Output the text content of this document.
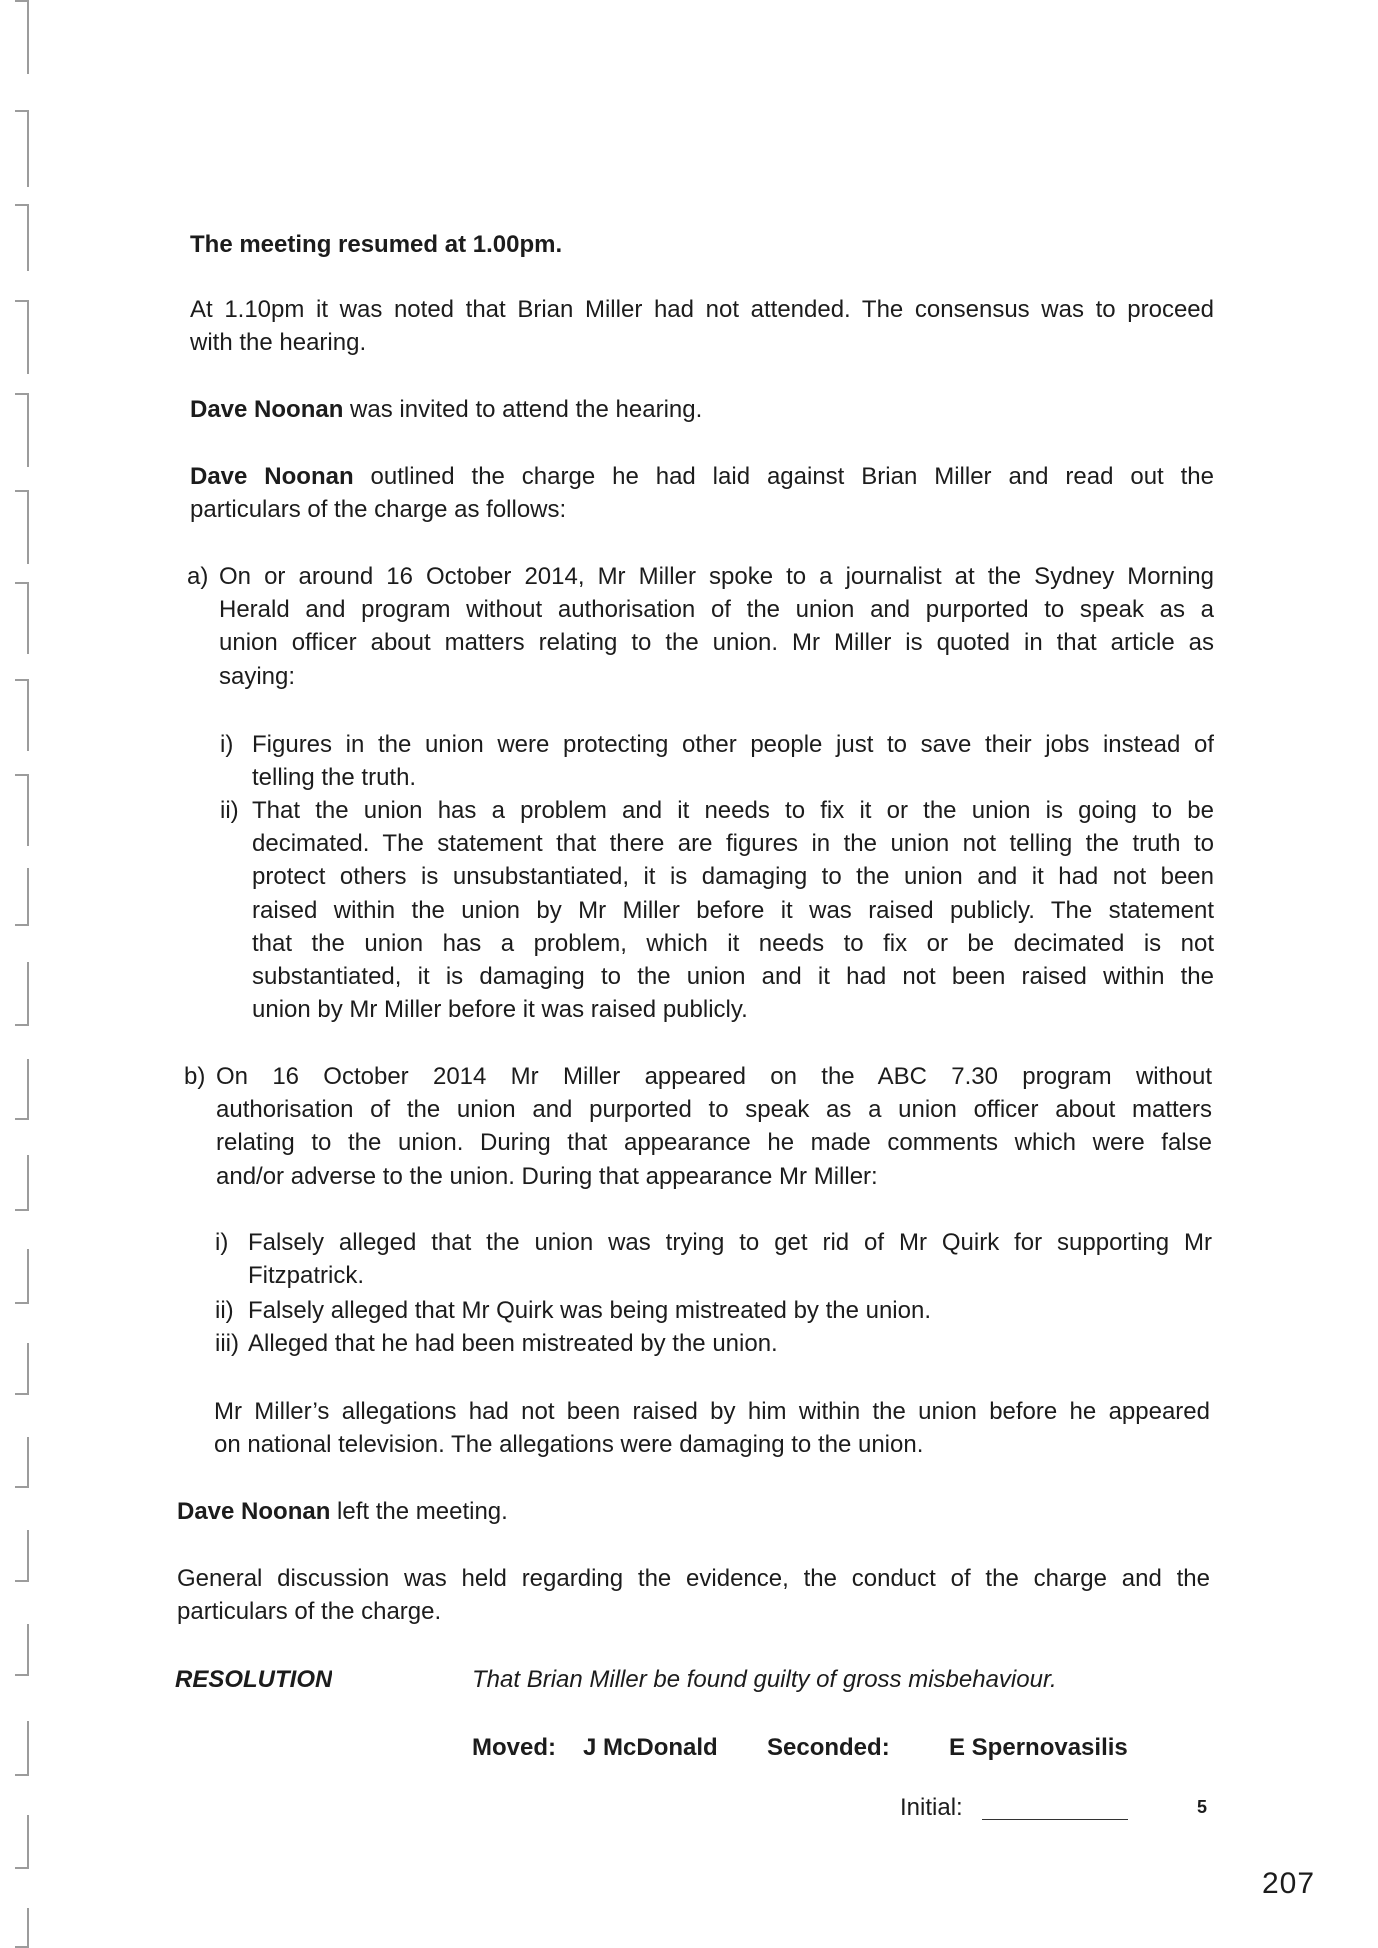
The meeting resumed at 1.00pm.
At 1.10pm it was noted that Brian Miller had not attended. The consensus was to proceed
with the hearing.
Dave Noonan was invited to attend the hearing.
Dave Noonan outlined the charge he had laid against Brian Miller and read out the
particulars of the charge as follows:
a) On or around 16 October 2014, Mr Miller spoke to a journalist at the Sydney Morning
Herald and program without authorisation of the union and purported to speak as a
union officer about matters relating to the union. Mr Miller is quoted in that article as
saying:
i) Figures in the union were protecting other people just to save their jobs instead of
telling the truth.
ii) That the union has a problem and it needs to fix it or the union is going to be
decimated. The statement that there are figures in the union not telling the truth to
protect others is unsubstantiated, it is damaging to the union and it had not been
raised within the union by Mr Miller before it was raised publicly. The statement
that the union has a problem, which it needs to fix or be decimated is not
substantiated, it is damaging to the union and it had not been raised within the
union by Mr Miller before it was raised publicly.
b) On 16 October 2014 Mr Miller appeared on the ABC 7.30 program without
authorisation of the union and purported to speak as a union officer about matters
relating to the union. During that appearance he made comments which were false
and/or adverse to the union. During that appearance Mr Miller:
i) Falsely alleged that the union was trying to get rid of Mr Quirk for supporting Mr
Fitzpatrick.
ii) Falsely alleged that Mr Quirk was being mistreated by the union.
iii) Alleged that he had been mistreated by the union.
Mr Miller’s allegations had not been raised by him within the union before he appeared
on national television. The allegations were damaging to the union.
Dave Noonan left the meeting.
General discussion was held regarding the evidence, the conduct of the charge and the
particulars of the charge.
RESOLUTION	That Brian Miller be found guilty of gross misbehaviour.
Moved: J McDonald Seconded: E Spernovasilis
Initial:	5
207
